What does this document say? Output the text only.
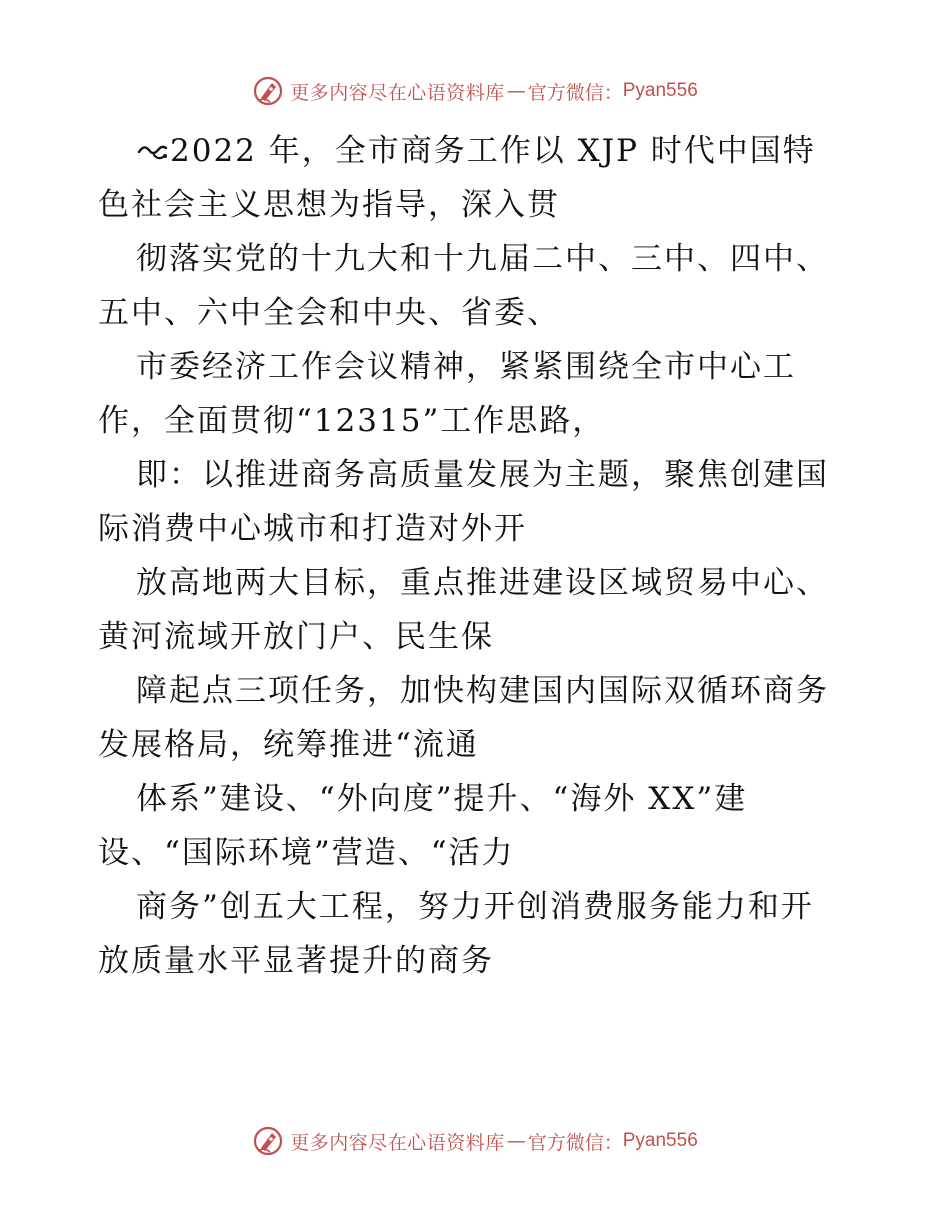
更多内容尽在心语资料库 — 官方微信： Pyan556
2022 年，全市商务工作以 XJP 时代中国特
色社会主义思想为指导，深入贯
彻落实党的十九大和十九届二中、三中、四中、
五中、六中全会和中央、省委、
市委经济工作会议精神，紧紧围绕全市中心工
作，全面贯彻“12315”工作思路，
即：以推进商务高质量发展为主题，聚焦创建国
际消费中心城市和打造对外开
放高地两大目标，重点推进建设区域贸易中心、
黄河流域开放门户、民生保
障起点三项任务，加快构建国内国际双循环商务
发展格局，统筹推进“流通
体系”建设、“外向度”提升、“海外 XX”建
设、“国际环境”营造、“活力
商务”创五大工程，努力开创消费服务能力和开
放质量水平显著提升的商务
更多内容尽在心语资料库 — 官方微信： Pyan556
